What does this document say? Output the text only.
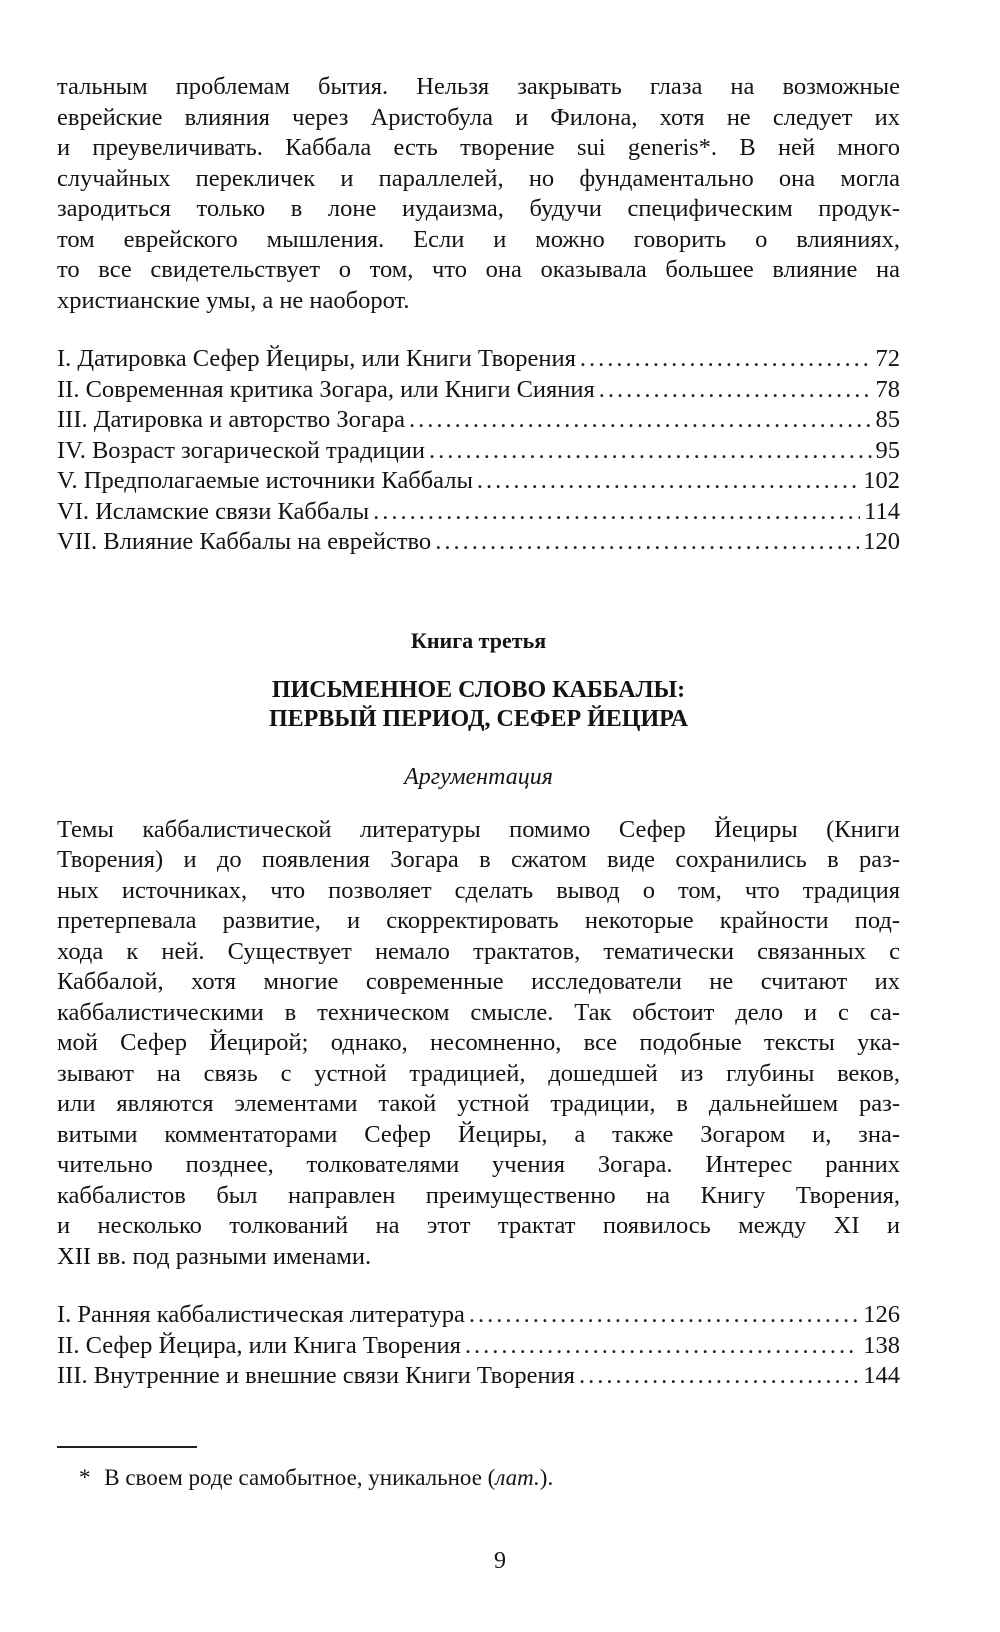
тальным проблемам бытия. Нельзя закрывать глаза на возможные
еврейские влияния через Аристобула и Филона, хотя не следует их
и преувеличивать. Каббала есть творение sui generis*. В ней много
случайных перекличек и параллелей, но фундаментально она могла
зародиться только в лоне иудаизма, будучи специфическим продук-
том еврейского мышления. Если и можно говорить о влияниях,
то все свидетельствует о том, что она оказывала большее влияние на
христианские умы, а не наоборот.
I. Датировка Сефер Йециры, или Книги Творения .....	72
II. Современная критика Зогара, или Книги Сияния .....	78
III. Датировка и авторство Зогара .....	85
IV. Возраст зогарической традиции .....	95
V. Предполагаемые источники Каббалы .....	102
VI. Исламские связи Каббалы .....	114
VII. Влияние Каббалы на еврейство .....	120

Книга третья

ПИСЬМЕННОЕ СЛОВО КАББАЛЫ:
ПЕРВЫЙ ПЕРИОД, СЕФЕР ЙЕЦИРА

Аргументация

Темы каббалистической литературы помимо Сефер Йециры (Книги
Творения) и до появления Зогара в сжатом виде сохранились в раз-
ных источниках, что позволяет сделать вывод о том, что традиция
претерпевала развитие, и скорректировать некоторые крайности под-
хода к ней. Существует немало трактатов, тематически связанных с
Каббалой, хотя многие современные исследователи не считают их
каббалистическими в техническом смысле. Так обстоит дело и с са-
мой Сефер Йецирой; однако, несомненно, все подобные тексты ука-
зывают на связь с устной традицией, дошедшей из глубины веков,
или являются элементами такой устной традиции, в дальнейшем раз-
витыми комментаторами Сефер Йециры, а также Зогаром и, зна-
чительно позднее, толкователями учения Зогара. Интерес ранних
каббалистов был направлен преимущественно на Книгу Творения,
и несколько толкований на этот трактат появилось между XI и
XII вв. под разными именами.
I. Ранняя каббалистическая литература .....	126
II. Сефер Йецира, или Книга Творения .....	138
III. Внутренние и внешние связи Книги Творения .....	144

* В своем роде самобытное, уникальное (лат.).

9
